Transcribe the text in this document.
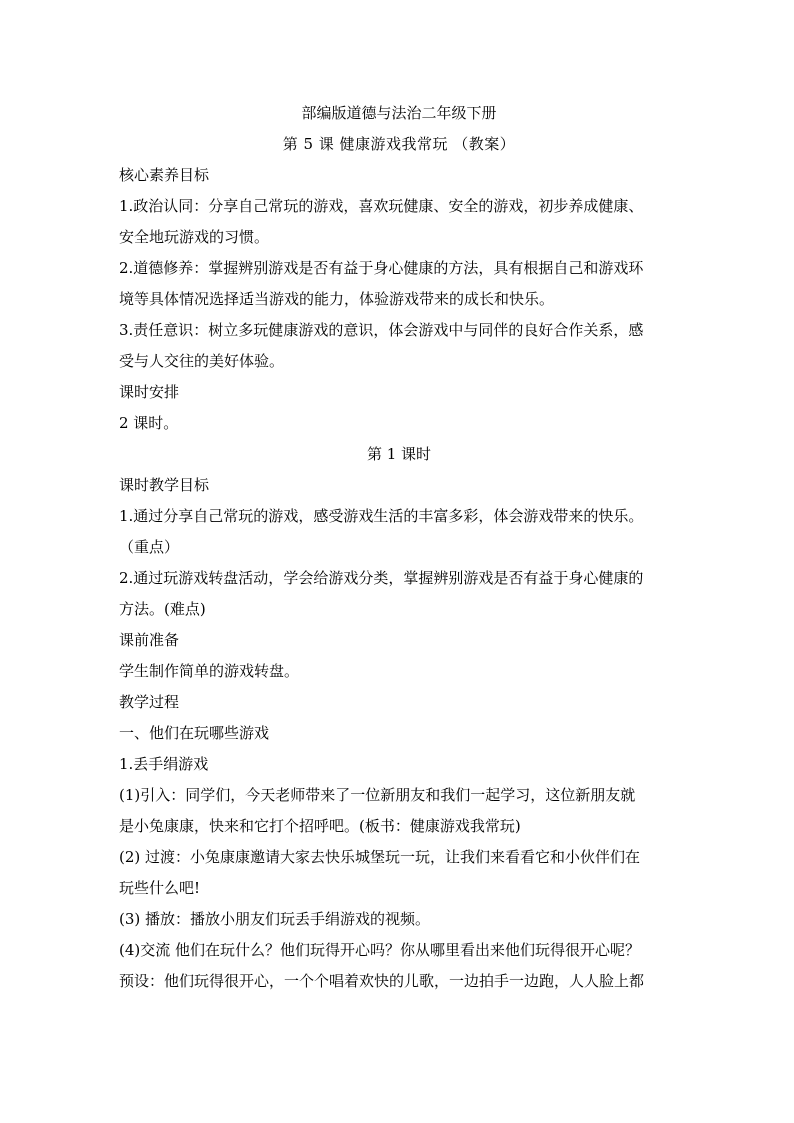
部编版道德与法治二年级下册
第 5 课 健康游戏我常玩 （教案）
核心素养目标
1.政治认同：分享自己常玩的游戏，喜欢玩健康、安全的游戏，初步养成健康、
安全地玩游戏的习惯。
2.道德修养：掌握辨别游戏是否有益于身心健康的方法，具有根据自己和游戏环
境等具体情况选择适当游戏的能力，体验游戏带来的成长和快乐。
3.责任意识：树立多玩健康游戏的意识，体会游戏中与同伴的良好合作关系，感
受与人交往的美好体验。
课时安排
2 课时。
第 1 课时
课时教学目标
1.通过分享自己常玩的游戏，感受游戏生活的丰富多彩，体会游戏带来的快乐。
（重点）
2.通过玩游戏转盘活动，学会给游戏分类，掌握辨别游戏是否有益于身心健康的
方法。(难点)
课前准备
学生制作简单的游戏转盘。
教学过程
一、他们在玩哪些游戏
1.丢手绢游戏
(1)引入：同学们，今天老师带来了一位新朋友和我们一起学习，这位新朋友就
是小兔康康，快来和它打个招呼吧。(板书：健康游戏我常玩)
(2) 过渡：小兔康康邀请大家去快乐城堡玩一玩，让我们来看看它和小伙伴们在
玩些什么吧!
(3) 播放：播放小朋友们玩丢手绢游戏的视频。
(4)交流 他们在玩什么？他们玩得开心吗？你从哪里看出来他们玩得很开心呢？
预设：他们玩得很开心，一个个唱着欢快的儿歌，一边拍手一边跑，人人脸上都
